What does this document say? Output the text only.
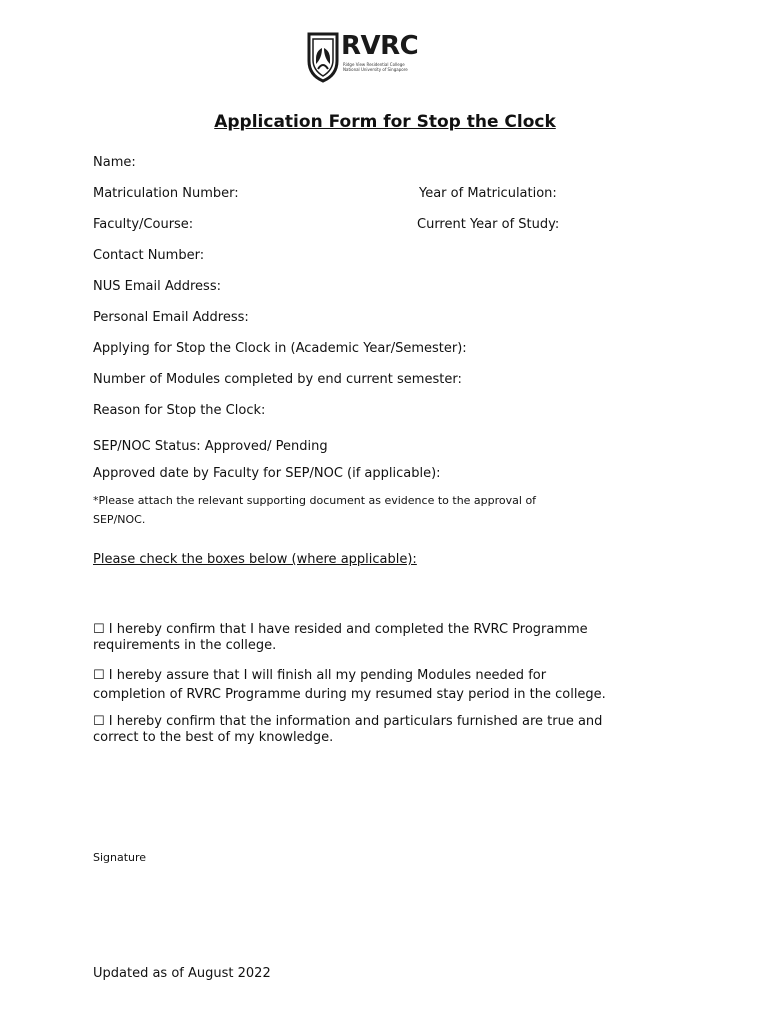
RVRC
Ridge View Residential College
National University of Singapore
Application Form for Stop the Clock
Name:
Matriculation Number:	Year of Matriculation:
Faculty/Course:	Current Year of Study:
Contact Number:
NUS Email Address:
Personal Email Address:
Applying for Stop the Clock in (Academic Year/Semester):
Number of Modules completed by end current semester:
Reason for Stop the Clock:
SEP/NOC Status: Approved/ Pending
Approved date by Faculty for SEP/NOC (if applicable):
*Please attach the relevant supporting document as evidence to the approval of
SEP/NOC.
Please check the boxes below (where applicable):
☐ I hereby confirm that I have resided and completed the RVRC Programme
requirements in the college.
☐ I hereby assure that I will finish all my pending Modules needed for
completion of RVRC Programme during my resumed stay period in the college.
☐ I hereby confirm that the information and particulars furnished are true and
correct to the best of my knowledge.
Signature
Updated as of August 2022
